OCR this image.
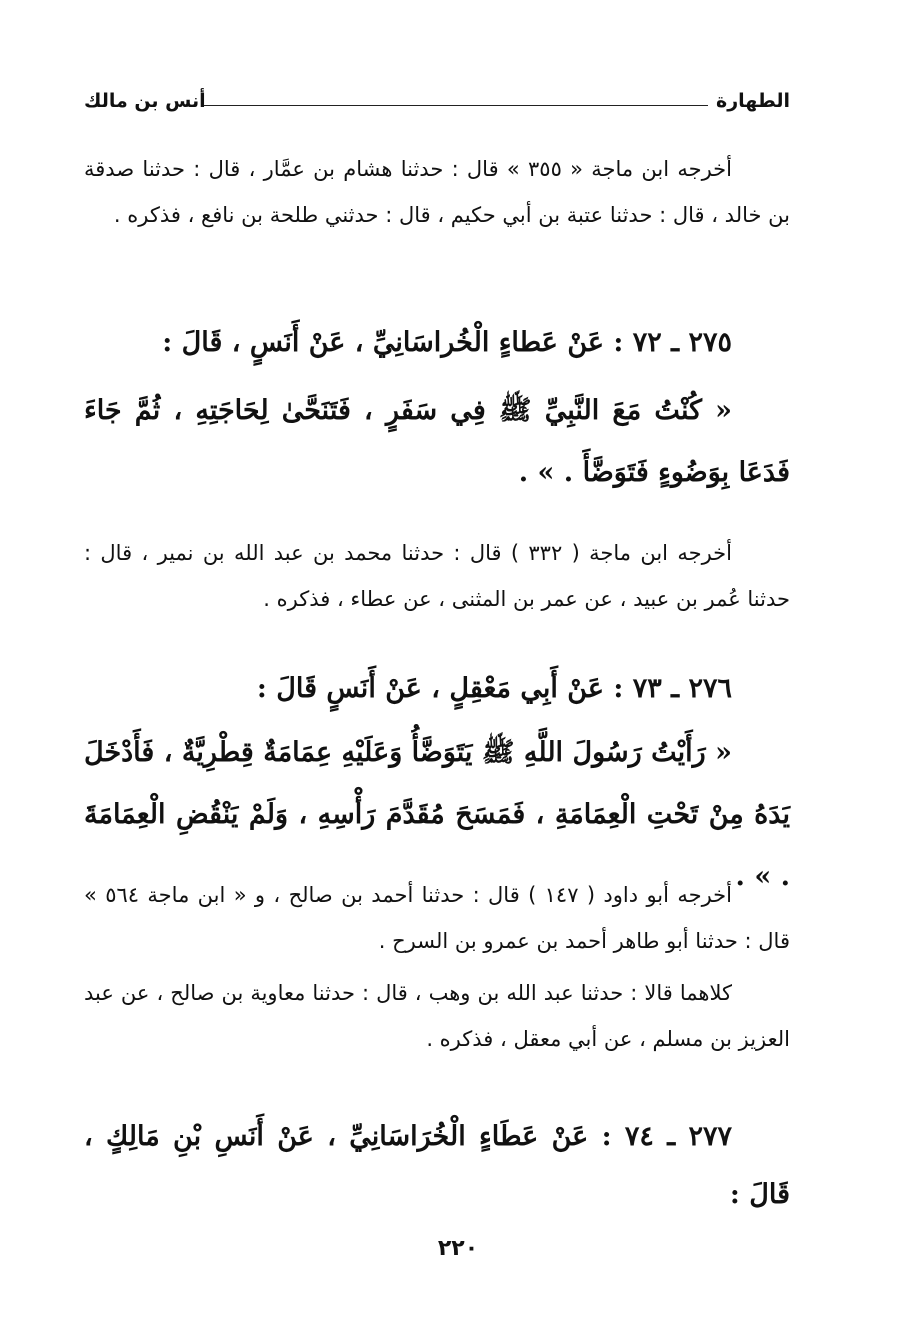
الطهارة
أنس بن مالك
أخرجه ابن ماجة « ٣٥٥ » قال : حدثنا هشام بن عمَّار ، قال : حدثنا صدقة بن خالد ، قال : حدثنا عتبة بن أبي حكيم ، قال : حدثني طلحة بن نافع ، فذكره .
٢٧٥ ـ ٧٢ : عَنْ عَطاءٍ الْخُراسَانِيِّ ، عَنْ أَنَسٍ ، قَالَ :
« كُنْتُ مَعَ النَّبِيِّ ﷺ فِي سَفَرٍ ، فَتَنَحَّىٰ لِحَاجَتِهِ ، ثُمَّ جَاءَ فَدَعَا بِوَضُوءٍ فَتَوَضَّأَ . » .
أخرجه ابن ماجة ( ٣٣٢ ) قال : حدثنا محمد بن عبد الله بن نمير ، قال : حدثنا عُمر بن عبيد ، عن عمر بن المثنى ، عن عطاء ، فذكره .
٢٧٦ ـ ٧٣ : عَنْ أَبِي مَعْقِلٍ ، عَنْ أَنَسٍ قَالَ :
« رَأَيْتُ رَسُولَ اللَّهِ ﷺ يَتَوَضَّأُ وَعَلَيْهِ عِمَامَةٌ قِطْرِيَّةٌ ، فَأَدْخَلَ يَدَهُ مِنْ تَحْتِ الْعِمَامَةِ ، فَمَسَحَ مُقَدَّمَ رَأْسِهِ ، وَلَمْ يَنْقُضِ الْعِمَامَةَ . » .
أخرجه أبو داود ( ١٤٧ ) قال : حدثنا أحمد بن صالح ، و « ابن ماجة ٥٦٤ » قال : حدثنا أبو طاهر أحمد بن عمرو بن السرح .
كلاهما قالا : حدثنا عبد الله بن وهب ، قال : حدثنا معاوية بن صالح ، عن عبد العزيز بن مسلم ، عن أبي معقل ، فذكره .
٢٧٧ ـ ٧٤ : عَنْ عَطَاءٍ الْخُرَاسَانِيِّ ، عَنْ أَنَسِ بْنِ مَالِكٍ ، قَالَ :
٢٢٠
